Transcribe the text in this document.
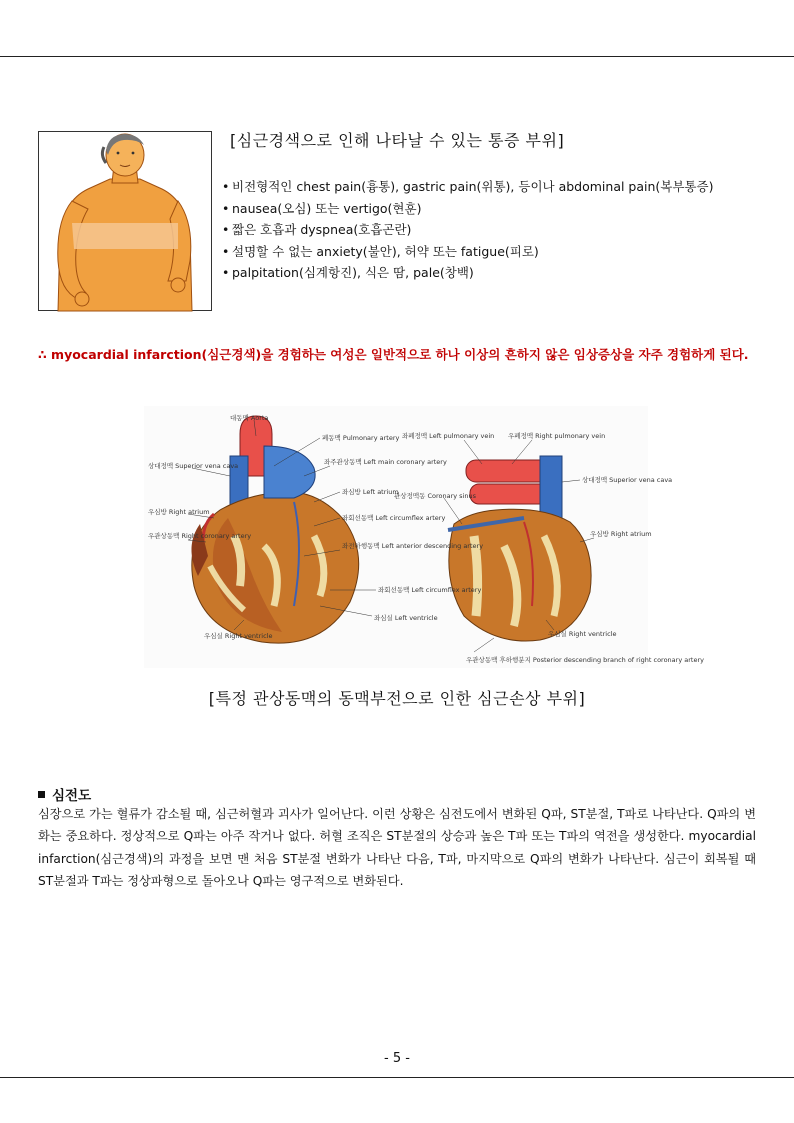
[심근경색으로 인해 나타날 수 있는 통증 부위]
• 비전형적인 chest pain(흉통), gastric pain(위통), 등이나 abdominal pain(복부통증)
• nausea(오심) 또는 vertigo(현훈)
• 짧은 호흡과 dyspnea(호흡곤란)
• 설명할 수 없는 anxiety(불안), 허약 또는 fatigue(피로)
• palpitation(심계항진), 식은 땀, pale(창백)
∴ myocardial infarction(심근경색)을 경험하는 여성은 일반적으로 하나 이상의 흔하지 않은 임상증상을 자주 경험하게 된다.
대동맥 Aorta
폐동맥 Pulmonary artery
좌주관상동맥 Left main coronary artery
상대정맥 Superior vena cava
좌심방 Left atrium
좌회선동맥 Left circumflex artery
우심방 Right atrium
우관상동맥 Right coronary artery
좌전하행동맥 Left anterior descending artery
좌회선동맥 Left circumflex artery
좌심실 Left ventricle
우심실 Right ventricle
좌폐정맥 Left pulmonary vein 우폐정맥 Right pulmonary vein
상대정맥 Superior vena cava
관상정맥동 Coronary sinus
우심방 Right atrium
우심실 Right ventricle
우관상동맥 후하행분지 Posterior descending branch of right coronary artery
[특정 관상동맥의 동맥부전으로 인한 심근손상 부위]
심전도
심장으로 가는 혈류가 감소될 때, 심근허혈과 괴사가 일어난다. 이런 상황은 심전도에서 변화된 Q파, ST분절, T파로 나타난다. Q파의 변화는 중요하다. 정상적으로 Q파는 아주 작거나 없다. 허혈 조직은 ST분절의 상승과 높은 T파 또는 T파의 역전을 생성한다. myocardial infarction(심근경색)의 과정을 보면 맨 처음 ST분절 변화가 나타난 다음, T파, 마지막으로 Q파의 변화가 나타난다. 심근이 회복될 때 ST분절과 T파는 정상파형으로 돌아오나 Q파는 영구적으로 변화된다.
- 5 -
